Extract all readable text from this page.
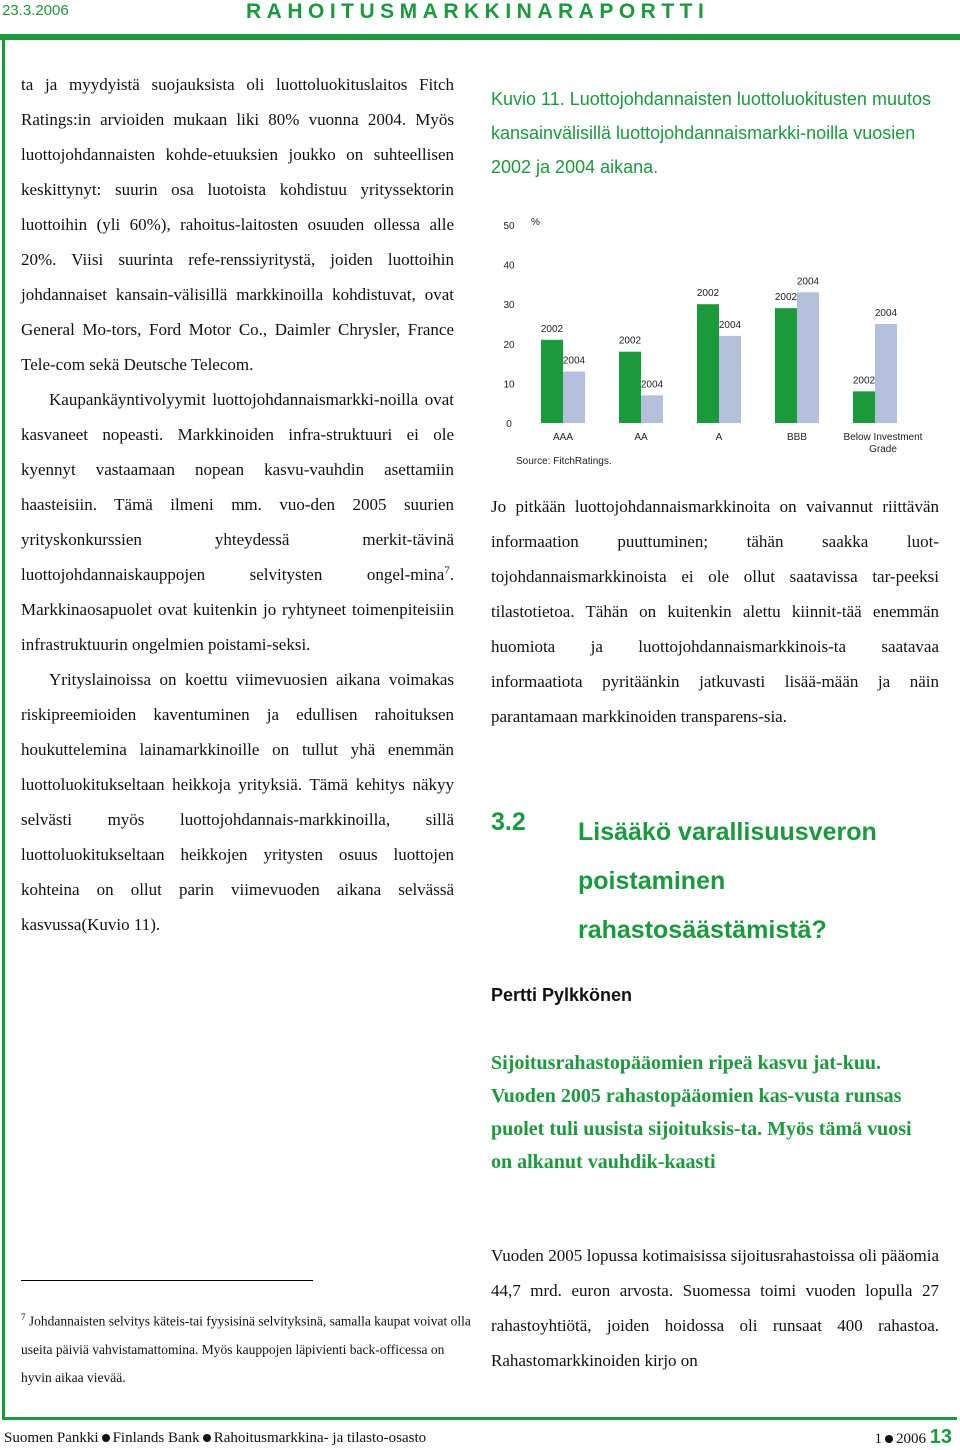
23.3.2006	RAHOITUSMARKKINARAPORTTI

ta ja myydyistä suojauksista oli luottoluokituslaitos Fitch Ratings:in arvioiden mukaan liki 80% vuonna 2004. Myös luottojohdannaisten kohde-etuuksien joukko on suhteellisen keskittynyt: suurin osa luotoista kohdistuu yrityssektorin luottoihin (yli 60%), rahoitus-laitosten osuuden ollessa alle 20%. Viisi suurinta refe-renssiyritystä, joiden luottoihin johdannaiset kansain-välisillä markkinoilla kohdistuvat, ovat General Mo-tors, Ford Motor Co., Daimler Chrysler, France Tele-com sekä Deutsche Telecom.

Kaupankäyntivolyymit luottojohdannaismarkki-noilla ovat kasvaneet nopeasti. Markkinoiden infra-struktuuri ei ole kyennyt vastaamaan nopean kasvu-vauhdin asettamiin haasteisiin. Tämä ilmeni mm. vuo-den 2005 suurien yrityskonkurssien yhteydessä merkit-tävinä luottojohdannaiskauppojen selvitysten ongel-mina$^7$. Markkinaosapuolet ovat kuitenkin jo ryhtyneet toimenpiteisiin infrastruktuurin ongelmien poistami-seksi.

Yrityslainoissa on koettu viimevuosien aikana voimakas riskipreemioiden kaventuminen ja edullisen rahoituksen houkuttelemina lainamarkkinoille on tullut yhä enemmän luottoluokitukseltaan heikkoja yrityksiä. Tämä kehitys näkyy selvästi myös luottojohdannais-markkinoilla, sillä luottoluokitukseltaan heikkojen yritysten osuus luottojen kohteina on ollut parin viimevuoden aikana selvässä kasvussa(Kuvio 11).

Kuvio 11. Luottojohdannaisten luottoluokitusten muutos kansainvälisillä luottojohdannaismarkki-noilla vuosien 2002 ja 2004 aikana.

0
10
20
30
40
50 %
2002
2004
AAA
2002
2004
AA
2002
2004
A
2002
2004
BBB
2002
2004
Below Investment
Grade
Source: FitchRatings.

Jo pitkään luottojohdannaismarkkinoita on vaivannut riittävän informaation puuttuminen; tähän saakka luot-tojohdannaismarkkinoista ei ole ollut saatavissa tar-peeksi tilastotietoa. Tähän on kuitenkin alettu kiinnit-tää enemmän huomiota ja luottojohdannaismarkkinois-ta saatavaa informaatiota pyritäänkin jatkuvasti lisää-mään ja näin parantamaan markkinoiden transparens-sia.

3.2 Lisääkö varallisuusveron poistaminen rahastosäästämistä?

Pertti Pylkkönen

Sijoitusrahastopääomien ripeä kasvu jat-kuu. Vuoden 2005 rahastopääomien kas-vusta runsas puolet tuli uusista sijoituksis-ta. Myös tämä vuosi on alkanut vauhdik-kaasti

Vuoden 2005 lopussa kotimaisissa sijoitusrahastoissa oli pääomia 44,7 mrd. euron arvosta. Suomessa toimi vuoden lopulla 27 rahastoyhtiötä, joiden hoidossa oli runsaat 400 rahastoa. Rahastomarkkinoiden kirjo on

$^7$ Johdannaisten selvitys käteis-tai fyysisinä selvityksinä, samalla kaupat voivat olla useita päiviä vahvistamattomina. Myös kauppojen läpivienti back-officessa on hyvin aikaa vievää.

Suomen Pankki Finlands Bank Rahoitusmarkkina- ja tilasto-osasto	1 2006 13
